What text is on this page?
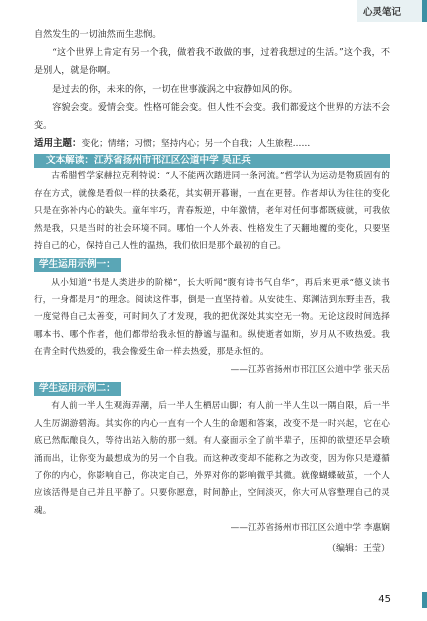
心灵笔记

自然发生的一切油然而生悲悯。

“这个世界上肯定有另一个我，做着我不敢做的事，过着我想过的生活。”这个我，不是别人，就是你啊。

是过去的你，未来的你，一切在世事漩涡之中寂静如风的你。

容貌会变。爱情会变。性格可能会变。但人性不会变。我们都爱这个世界的方法不会变。

适用主题：变化；情绪；习惯；坚持内心；另一个自我；人生旅程……

文本解读：江苏省扬州市邗江区公道中学 吴正兵

古希腊哲学家赫拉克利特说：“人不能两次踏进同一条河流。”哲学认为运动是物质固有的存在方式，就像是看似一样的扶桑花，其实朝开暮谢，一直在更替。作者却认为往往的变化只是在弥补内心的缺失。童年牢巧，青春叛逆，中年激情，老年对任何事都既疲就，可我依然是我，只是当时的社会环境不同。哪怕一个人外表、性格发生了天翻地覆的变化，只要坚持自己的心，保持自己人性的温热，我们依旧是那个最初的自己。

学生运用示例一：

从小知道“书是人类进步的阶梯”，长大听闻“腹有诗书气自华”，再后来更承“德义读书行，一身都是月”的理念。阅读这件事，倒是一直坚持着。从安徒生、郑渊洁到东野圭吾，我一度觉得自己太善变，可时间久了才发现，我的把优深处其实空无一物。无论这段时间选择哪本书、哪个作者，他们都带给我永恒的静谧与温和。纵使逝者如斯，岁月从不败热爱。我在青全时代热爱的，我会像爱生命一样去热爱，那是永恒的。

——江苏省扬州市邗江区公道中学 张天岳

学生运用示例二：

有人前一半人生观海弄潮，后一半人生栖居山脚；有人前一半人生以一隅自限，后一半人生厉湖游碧海。其实你的内心一直有一个人生的命题和答案，改变不是一时兴起，它在心底已然酝酿良久，等待出站入舫的那一刻。有人豪面示全了前半辈子，压抑的欲望还早会喷涌而出，让你变为最想成为的另一个自我。而这种改变却不能称之为改变，因为你只是遵循了你的内心，你影响自己，你决定自己，外界对你的影响微乎其微。就像蝴蝶破茧，一个人应该活得是自己并且平静了。只要你愿意，时间静止，空间淡灭，你大可从容整理自己的灵魂。

——江苏省扬州市邗江区公道中学 李惠娴

（编辑：王莹）
45
